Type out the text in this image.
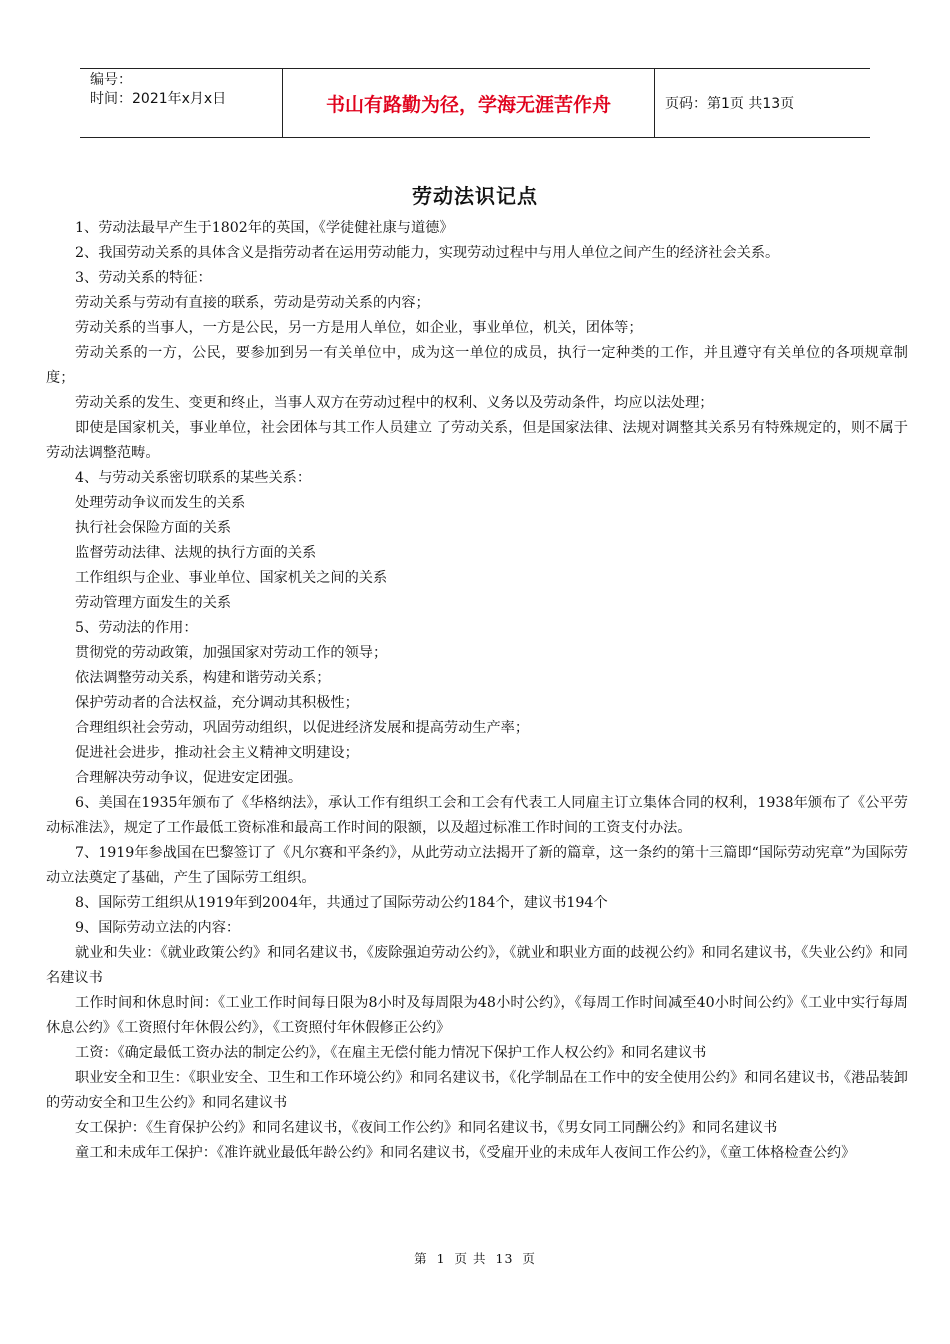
编号：
时间：2021年x月x日	书山有路勤为径，学海无涯苦作舟	页码：第1页 共13页
劳动法识记点

1、劳动法最早产生于1802年的英国，《学徒健社康与道德》

2、我国劳动关系的具体含义是指劳动者在运用劳动能力，实现劳动过程中与用人单位之间产生的经济社会关系。

3、劳动关系的特征：

劳动关系与劳动有直接的联系，劳动是劳动关系的内容；

劳动关系的当事人，一方是公民，另一方是用人单位，如企业，事业单位，机关，团体等；

劳动关系的一方，公民，要参加到另一有关单位中，成为这一单位的成员，执行一定种类的工作，并且遵守有关单位的各项规章制度；

劳动关系的发生、变更和终止，当事人双方在劳动过程中的权利、义务以及劳动条件，均应以法处理；

即使是国家机关，事业单位，社会团体与其工作人员建立 了劳动关系，但是国家法律、法规对调整其关系另有特殊规定的，则不属于劳动法调整范畴。

4、与劳动关系密切联系的某些关系：

处理劳动争议而发生的关系

执行社会保险方面的关系

监督劳动法律、法规的执行方面的关系

工作组织与企业、事业单位、国家机关之间的关系

劳动管理方面发生的关系

5、劳动法的作用：

贯彻党的劳动政策，加强国家对劳动工作的领导；

依法调整劳动关系，构建和谐劳动关系；

保护劳动者的合法权益，充分调动其积极性；

合理组织社会劳动，巩固劳动组织，以促进经济发展和提高劳动生产率；

促进社会进步，推动社会主义精神文明建设；

合理解决劳动争议，促进安定团强。

6、美国在1935年颁布了《华格纳法》，承认工作有组织工会和工会有代表工人同雇主订立集体合同的权利，1938年颁布了《公平劳动标准法》，规定了工作最低工资标准和最高工作时间的限额，以及超过标准工作时间的工资支付办法。

7、1919年参战国在巴黎签订了《凡尔赛和平条约》，从此劳动立法揭开了新的篇章，这一条约的第十三篇即“国际劳动宪章”为国际劳动立法奠定了基础，产生了国际劳工组织。

8、国际劳工组织从1919年到2004年，共通过了国际劳动公约184个，建议书194个

9、国际劳动立法的内容：

就业和失业：《就业政策公约》和同名建议书，《废除强迫劳动公约》，《就业和职业方面的歧视公约》和同名建议书，《失业公约》和同名建议书

工作时间和休息时间：《工业工作时间每日限为8小时及每周限为48小时公约》，《每周工作时间减至40小时间公约》《工业中实行每周休息公约》《工资照付年休假公约》，《工资照付年休假修正公约》

工资：《确定最低工资办法的制定公约》，《在雇主无偿付能力情况下保护工作人权公约》和同名建议书

职业安全和卫生：《职业安全、卫生和工作环境公约》和同名建议书，《化学制品在工作中的安全使用公约》和同名建议书，《港品装卸的劳动安全和卫生公约》和同名建议书

女工保护：《生育保护公约》和同名建议书，《夜间工作公约》和同名建议书，《男女同工同酬公约》和同名建议书

童工和未成年工保护：《准许就业最低年龄公约》和同名建议书，《受雇开业的未成年人夜间工作公约》，《童工体格检查公约》

第 1 页 共 13 页
